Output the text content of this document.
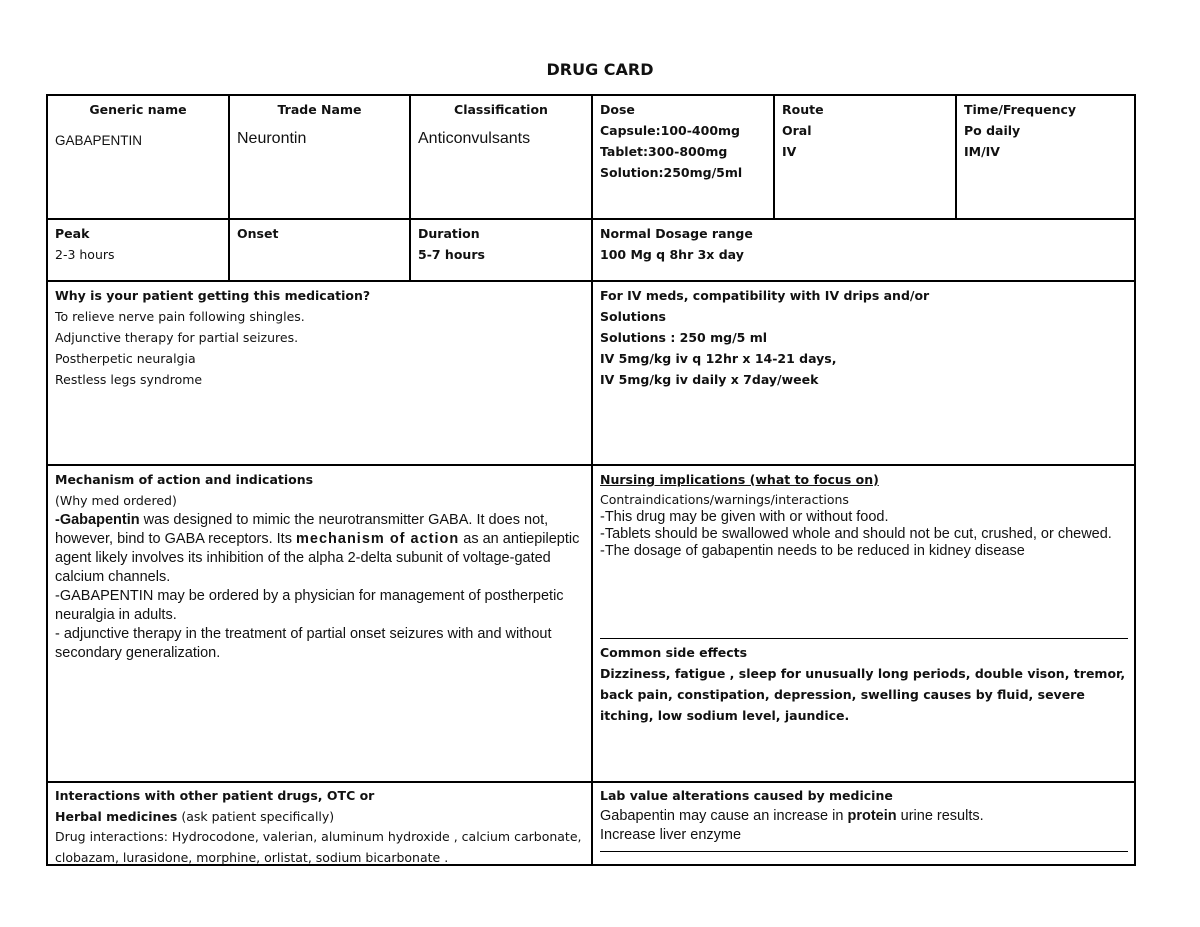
DRUG CARD
Generic name
GABAPENTIN
Trade Name
Neurontin
Classification
Anticonvulsants
Dose
Capsule:100-400mg
Tablet:300-800mg
Solution:250mg/5ml
Route
Oral
IV
Time/Frequency
Po daily
IM/IV
Peak
2-3 hours
Onset	Duration
5-7 hours
Normal Dosage range
100 Mg q 8hr 3x day
Why is your patient getting this medication?
To relieve nerve pain following shingles.
Adjunctive therapy for partial seizures.
Postherpetic neuralgia
Restless legs syndrome
For IV meds, compatibility with IV drips and/or
Solutions
Solutions : 250 mg/5 ml
IV 5mg/kg iv q 12hr x 14-21 days,
IV 5mg/kg iv daily x 7day/week
Mechanism of action and indications
(Why med ordered)
-Gabapentin was designed to mimic the neurotransmitter GABA. It does not, however, bind to GABA receptors. Its mechanism of action as an antiepileptic agent likely involves its inhibition of the alpha 2-delta subunit of voltage-gated calcium channels.
-GABAPENTIN may be ordered by a physician for management of postherpetic neuralgia in adults.
- adjunctive therapy in the treatment of partial onset seizures with and without secondary generalization.
Nursing implications (what to focus on)
Contraindications/warnings/interactions
-This drug may be given with or without food.
-Tablets should be swallowed whole and should not be cut, crushed, or chewed.
-The dosage of gabapentin needs to be reduced in kidney disease
Common side effects
Dizziness, fatigue , sleep for unusually long periods, double vison, tremor, back pain, constipation, depression, swelling causes by fluid, severe itching, low sodium level, jaundice.
Interactions with other patient drugs, OTC or
Herbal medicines (ask patient specifically)
Drug interactions: Hydrocodone, valerian, aluminum hydroxide , calcium carbonate, clobazam, lurasidone, morphine, orlistat, sodium bicarbonate .
Lab value alterations caused by medicine
Gabapentin may cause an increase in protein urine results.
Increase liver enzyme
